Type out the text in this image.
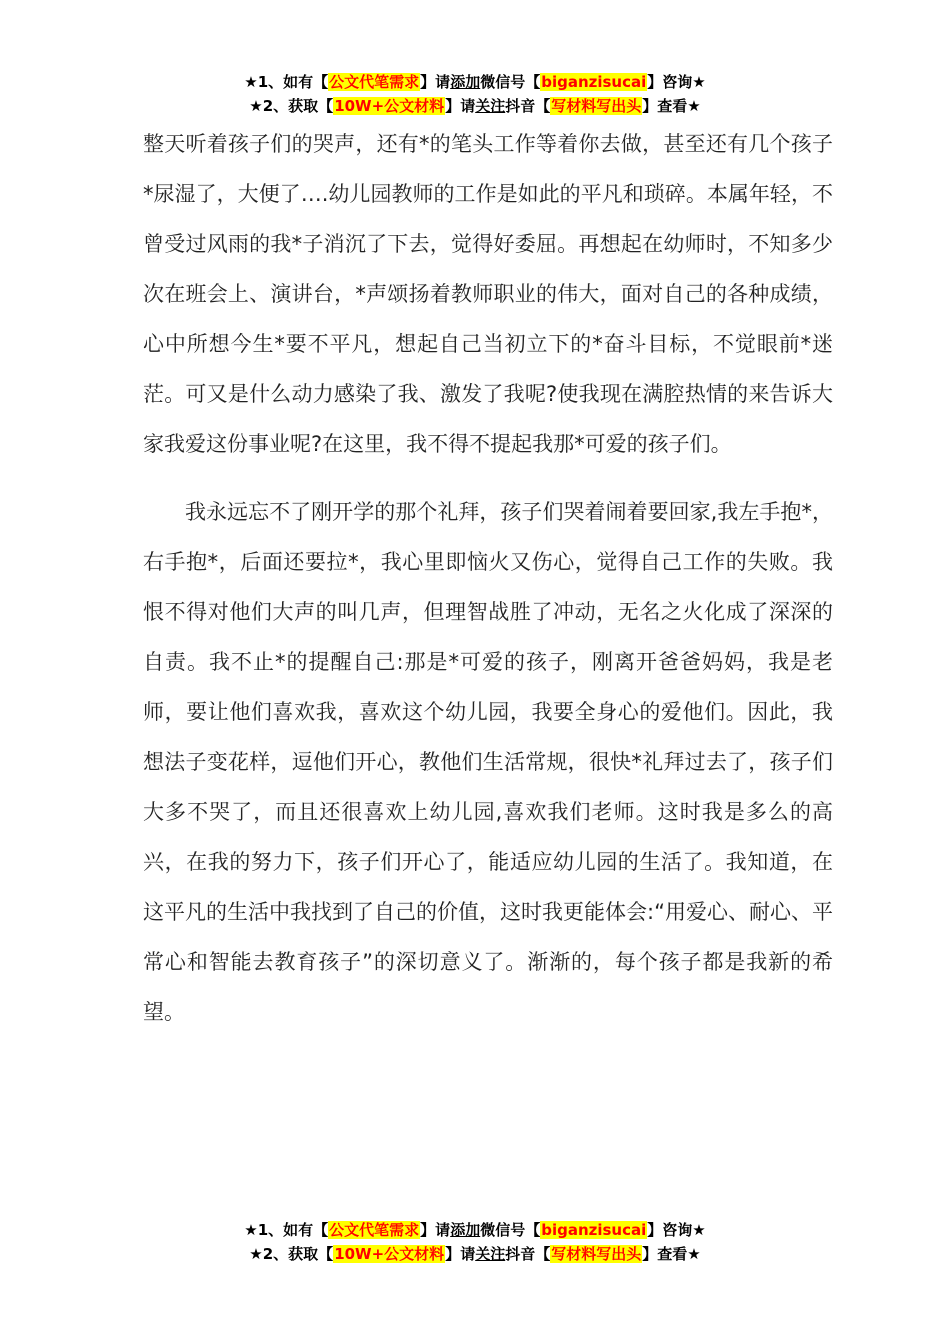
★1、如有【公文代笔需求】请添加微信号【biganzisucai】咨询★
★2、获取【10W+公文材料】请关注抖音【写材料写出头】查看★

整天听着孩子们的哭声，还有*的笔头工作等着你去做，甚至还有几个孩子*尿湿了，大便了….幼儿园教师的工作是如此的平凡和琐碎。本属年轻，不曾受过风雨的我*子消沉了下去，觉得好委屈。再想起在幼师时，不知多少次在班会上、演讲台，*声颂扬着教师职业的伟大，面对自己的各种成绩，心中所想今生*要不平凡，想起自己当初立下的*奋斗目标，不觉眼前*迷茫。可又是什么动力感染了我、激发了我呢?使我现在满腔热情的来告诉大家我爱这份事业呢?在这里，我不得不提起我那*可爱的孩子们。

我永远忘不了刚开学的那个礼拜，孩子们哭着闹着要回家,我左手抱*，右手抱*，后面还要拉*，我心里即恼火又伤心，觉得自己工作的失败。我恨不得对他们大声的叫几声，但理智战胜了冲动，无名之火化成了深深的自责。我不止*的提醒自己:那是*可爱的孩子，刚离开爸爸妈妈，我是老师，要让他们喜欢我，喜欢这个幼儿园，我要全身心的爱他们。因此，我想法子变花样，逗他们开心，教他们生活常规，很快*礼拜过去了，孩子们大多不哭了，而且还很喜欢上幼儿园,喜欢我们老师。这时我是多么的高兴，在我的努力下，孩子们开心了，能适应幼儿园的生活了。我知道，在这平凡的生活中我找到了自己的价值，这时我更能体会:“用爱心、耐心、平常心和智能去教育孩子”的深切意义了。渐渐的，每个孩子都是我新的希望。

★1、如有【公文代笔需求】请添加微信号【biganzisucai】咨询★
★2、获取【10W+公文材料】请关注抖音【写材料写出头】查看★
